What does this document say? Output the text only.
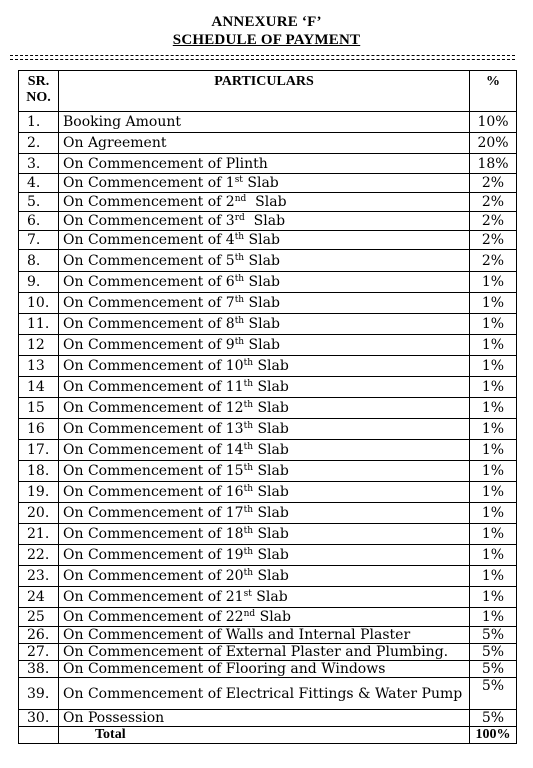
ANNEXURE ‘F’
SCHEDULE OF PAYMENT
SR.
NO.	PARTICULARS	%
1.	Booking Amount	10%
2.	On Agreement	20%
3.	On Commencement of Plinth	18%
4.	On Commencement of 1st Slab	2%
5.	On Commencement of 2nd  Slab	2%
6.	On Commencement of 3rd  Slab	2%
7.	On Commencement of 4th Slab	2%
8.	On Commencement of 5th Slab	2%
9.	On Commencement of 6th Slab	1%
10.	On Commencement of 7th Slab	1%
11.	On Commencement of 8th Slab	1%
12	On Commencement of 9th Slab	1%
13	On Commencement of 10th Slab	1%
14	On Commencement of 11th Slab	1%
15	On Commencement of 12th Slab	1%
16	On Commencement of 13th Slab	1%
17.	On Commencement of 14th Slab	1%
18.	On Commencement of 15th Slab	1%
19.	On Commencement of 16th Slab	1%
20.	On Commencement of 17th Slab	1%
21.	On Commencement of 18th Slab	1%
22.	On Commencement of 19th Slab	1%
23.	On Commencement of 20th Slab	1%
24	On Commencement of 21st Slab	1%
25	On Commencement of 22nd Slab	1%
26.	On Commencement of Walls and Internal Plaster	5%
27.	On Commencement of External Plaster and Plumbing.	5%
38.	On Commencement of Flooring and Windows	5%
39.	On Commencement of Electrical Fittings & Water Pump	5%
30.	On Possession	5%
	Total	100%
